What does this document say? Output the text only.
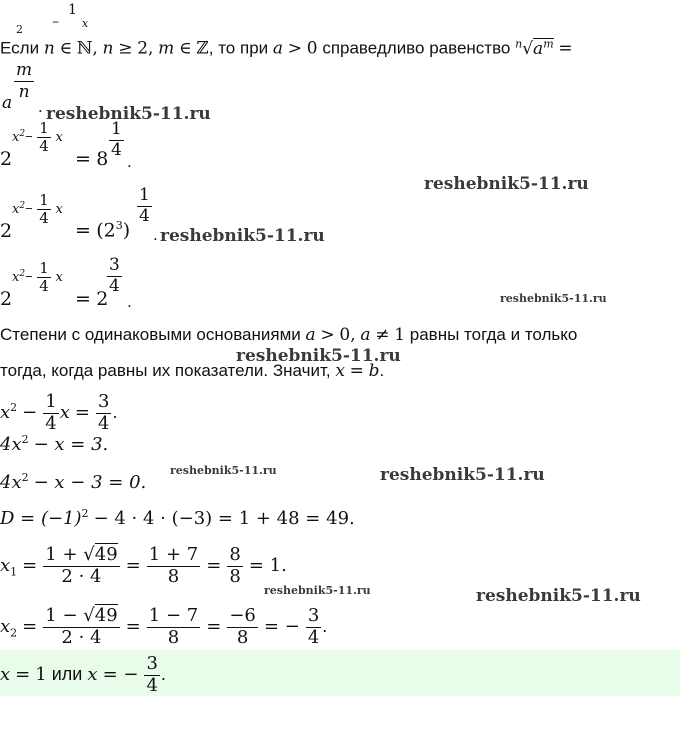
2
−
1
x
Если n ∈ ℕ, n ≥ 2, m ∈ ℤ, то при a > 0 справедливо равенство $^n√a^m$ =
a
m
n
.
2
$x^2- \frac{1}{4}$ x
= $8 \frac{1}{4}$
.
2
$x^2- \frac{1}{4}$ x
= $(2^3)$
$\frac{1}{4}$
.
2
$x^2- \frac{1}{4}$ x
= 2
$\frac{3}{4}$
.
Степени с одинаковыми основаниями a > 0, a ≠ 1 равны тогда и только
тогда, когда равны их показатели. Значит, x = b.
$x^2 - \frac{1}{4}$ $x = \frac{3}{4}$ .
$4x^2 - x = 3$.
$4x^2 - x - 3 = 0$.
$D = (-1)^2 - 4 \cdot 4 \cdot (-3) = 1 + 48 = 49$.
$x_1 = \frac{1 + √49}{2 \cdot 4} = \frac{1 + 7}{8} = \frac{8}{8} = 1$.
$x_2 = \frac{1 - √49}{2 \cdot 4} = \frac{1 - 7}{8} = \frac{-6}{8}$ = − $\frac{3}{4}$ .
x = 1 или x = − $\frac{3}{4}$ .
reshebnik5-11.ru
reshebnik5-11.ru
reshebnik5-11.ru
reshebnik5-11.ru
reshebnik5-11.ru
reshebnik5-11.ru	reshebnik5-11.ru
reshebnik5-11.ru	reshebnik5-11.ru
